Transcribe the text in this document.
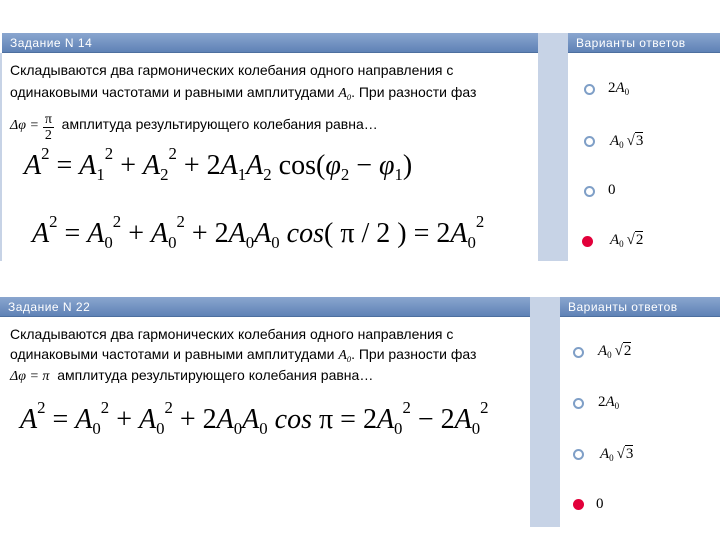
Задание N 14	Варианты ответов
Складываются два гармонических колебания одного направления с
одинаковыми частотами и равными амплитудами $A_0$. При разности фаз
$\Delta\varphi = \frac{\pi}{2}$ амплитуда результирующего колебания равна…
$A^2 = A_1^2 + A_2^2 + 2A_1A_2$ $\cos(\varphi_2 - \varphi_1)$
$A^2 = A_0^2 + A_0^2 + 2A_0A_0$ cos( π / 2 ) = $2A_0^2$
$2A_0$
$A_0$ √3
0
$A_0$ √2
Задание N 22	Варианты ответов
Складываются два гармонических колебания одного направления с
одинаковыми частотами и равными амплитудами $A_0$. При разности фаз
Δφ = π амплитуда результирующего колебания равна…
$A^2 = A_0^2 + A_0^2 + 2A_0A_0$ $\cos \pi = 2A_0^2 - 2A_0^2$
$A_0$ √2
$2A_0$
$A_0$ √3
0
